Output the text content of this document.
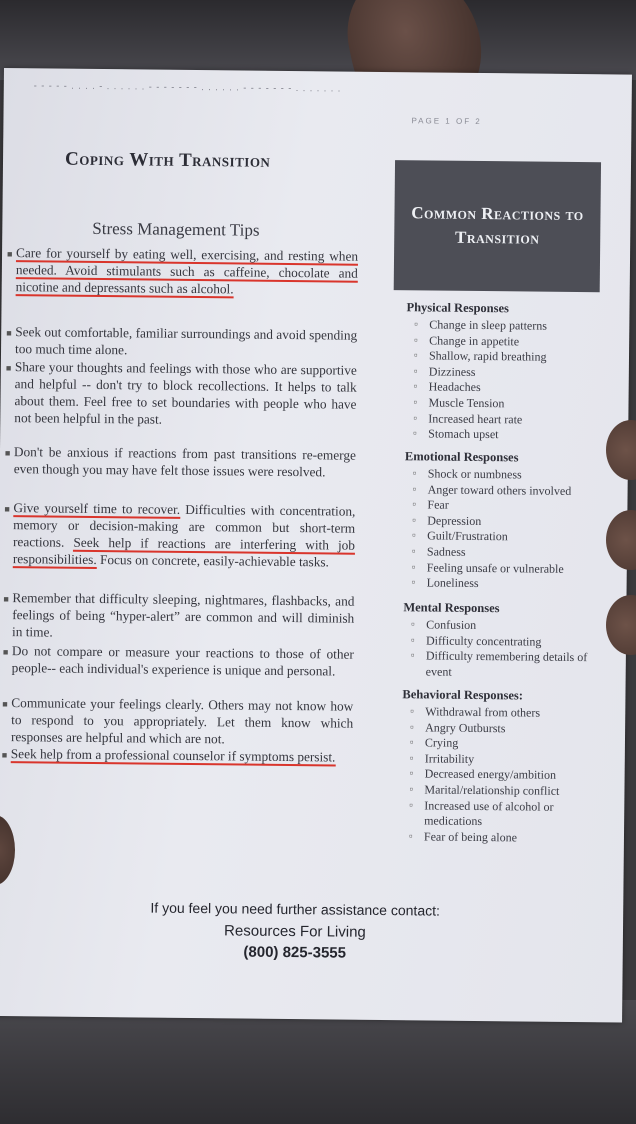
- - - - - . . . . - . . . . . . - - - - - - - . . . . . . - - - - - - - . . . . . . .
PAGE 1 OF 2
Coping With Transition
Stress Management Tips
■ Care for yourself by eating well, exercising, and resting when needed. Avoid stimulants such as caffeine, chocolate and nicotine and depressants such as alcohol.
■ Seek out comfortable, familiar surroundings and avoid spending too much time alone.
■ Share your thoughts and feelings with those who are supportive and helpful -- don't try to block recollections. It helps to talk about them. Feel free to set boundaries with people who have not been helpful in the past.
■ Don't be anxious if reactions from past transitions re-emerge even though you may have felt those issues were resolved.
■ Give yourself time to recover. Difficulties with concentration, memory or decision-making are common but short-term reactions. Seek help if reactions are interfering with job responsibilities. Focus on concrete, easily-achievable tasks.
■ Remember that difficulty sleeping, nightmares, flashbacks, and feelings of being “hyper-alert” are common and will diminish in time.
■ Do not compare or measure your reactions to those of other people-- each individual's experience is unique and personal.
■ Communicate your feelings clearly. Others may not know how to respond to you appropriately. Let them know which responses are helpful and which are not.
■ Seek help from a professional counselor if symptoms persist.
Common Reactions to Transition
Physical Responses
▫ Change in sleep patterns
▫ Change in appetite
▫ Shallow, rapid breathing
▫ Dizziness
▫ Headaches
▫ Muscle Tension
▫ Increased heart rate
▫ Stomach upset
Emotional Responses
▫ Shock or numbness
▫ Anger toward others involved
▫ Fear
▫ Depression
▫ Guilt/Frustration
▫ Sadness
▫ Feeling unsafe or vulnerable
▫ Loneliness
Mental Responses
▫ Confusion
▫ Difficulty concentrating
▫ Difficulty remembering details of event
Behavioral Responses:
▫ Withdrawal from others
▫ Angry Outbursts
▫ Crying
▫ Irritability
▫ Decreased energy/ambition
▫ Marital/relationship conflict
▫ Increased use of alcohol or medications
▫ Fear of being alone
If you feel you need further assistance contact:
Resources For Living
(800) 825-3555
